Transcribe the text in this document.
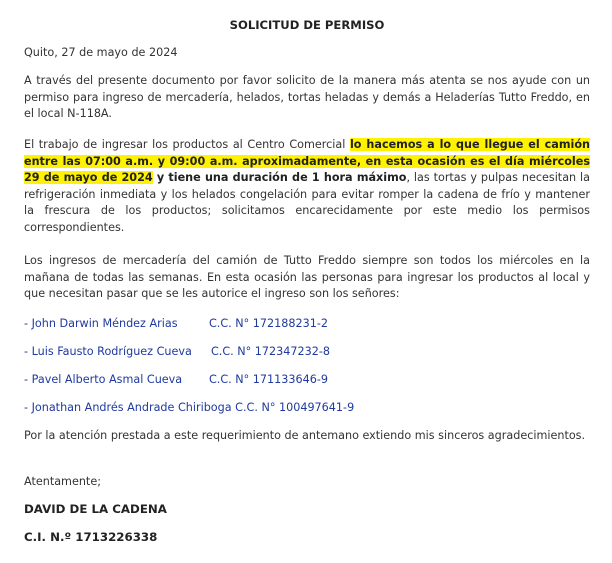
SOLICITUD DE PERMISO

Quito, 27 de mayo de 2024

A través del presente documento por favor solicito de la manera más atenta se nos ayude con un permiso para ingreso de mercadería, helados, tortas heladas y demás a Heladerías Tutto Freddo, en el local N-118A.

El trabajo de ingresar los productos al Centro Comercial lo hacemos a lo que llegue el camión entre las 07:00 a.m. y 09:00 a.m. aproximadamente, en esta ocasión es el día miércoles 29 de mayo de 2024 y tiene una duración de 1 hora máximo, las tortas y pulpas necesitan la refrigeración inmediata y los helados congelación para evitar romper la cadena de frío y mantener la frescura de los productos; solicitamos encarecidamente por este medio los permisos correspondientes.

Los ingresos de mercadería del camión de Tutto Freddo siempre son todos los miércoles en la mañana de todas las semanas. En esta ocasión las personas para ingresar los productos al local y que necesitan pasar que se les autorice el ingreso son los señores:

- John Darwin Méndez Arias	C.C. N° 172188231-2
- Luis Fausto Rodríguez Cueva C.C. N° 172347232-8
- Pavel Alberto Asmal Cueva C.C. N° 171133646-9
- Jonathan Andrés Andrade Chiriboga C.C. N° 100497641-9

Por la atención prestada a este requerimiento de antemano extiendo mis sinceros agradecimientos.

Atentamente;

DAVID DE LA CADENA
C.I. N.º 1713226338
